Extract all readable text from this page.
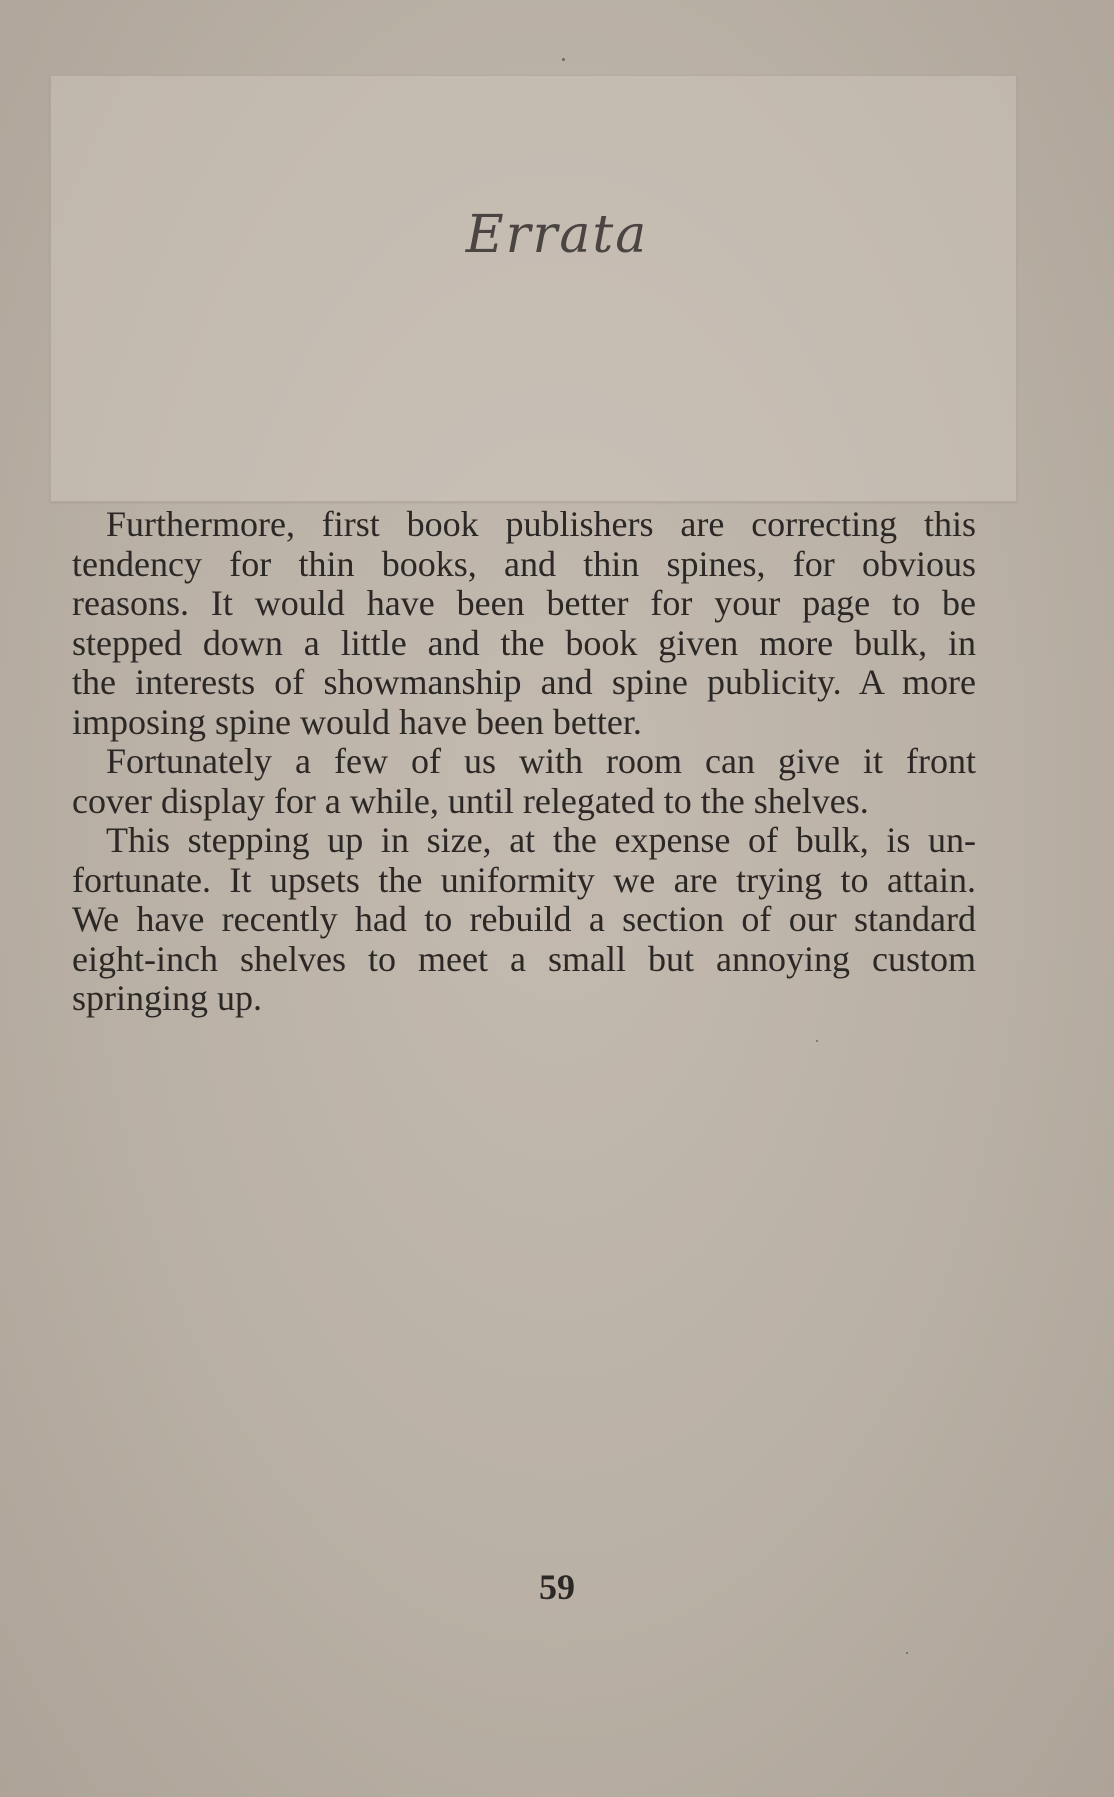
Errata
Furthermore, first book publishers are correcting this
tendency for thin books, and thin spines, for obvious
reasons. It would have been better for your page to be
stepped down a little and the book given more bulk, in
the interests of showmanship and spine publicity. A more
imposing spine would have been better.
Fortunately a few of us with room can give it front
cover display for a while, until relegated to the shelves.
This stepping up in size, at the expense of bulk, is un-
fortunate. It upsets the uniformity we are trying to attain.
We have recently had to rebuild a section of our standard
eight-inch shelves to meet a small but annoying custom
springing up.
59
